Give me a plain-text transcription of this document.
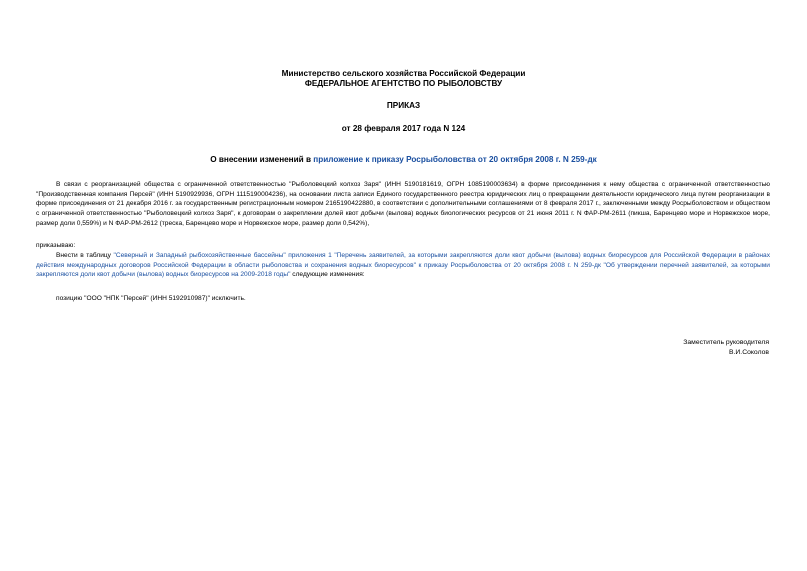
Министерство сельского хозяйства Российской Федерации
ФЕДЕРАЛЬНОЕ АГЕНТСТВО ПО РЫБОЛОВСТВУ
ПРИКАЗ
от 28 февраля 2017 года N 124
О внесении изменений в приложение к приказу Росрыболовства от 20 октября 2008 г. N 259-дк
В связи с реорганизацией общества с ограниченной ответственностью "Рыболовецкий колхоз Заря" (ИНН 5190181619, ОГРН 1085190003634) в форме присоединения к нему общества с ограниченной ответственностью "Производственная компания Персей" (ИНН 5190929936, ОГРН 1115190004236), на основании листа записи Единого государственного реестра юридических лиц о прекращении деятельности юридического лица путем реорганизации в форме присоединения от 21 декабря 2016 г. за государственным регистрационным номером 2165190422880, в соответствии с дополнительными соглашениями от 8 февраля 2017 г., заключенными между Росрыболовством и обществом с ограниченной ответственностью "Рыболовецкий колхоз Заря", к договорам о закреплении долей квот добычи (вылова) водных биологических ресурсов от 21 июня 2011 г. N ФАР-РМ-2611 (пикша, Баренцево море и Норвежское море, размер доли 0,559%) и N ФАР-РМ-2612 (треска, Баренцево море и Норвежское море, размер доли 0,542%),
приказываю:
Внести в таблицу "Северный и Западный рыбохозяйственные бассейны" приложения 1 "Перечень заявителей, за которыми закрепляются доли квот добычи (вылова) водных биоресурсов для Российской Федерации в районах действия международных договоров Российской Федерации в области рыболовства и сохранения водных биоресурсов" к приказу Росрыболовства от 20 октября 2008 г. N 259-дк "Об утверждении перечней заявителей, за которыми закрепляются доли квот добычи (вылова) водных биоресурсов на 2009-2018 годы" следующие изменения:
позицию "ООО "НПК "Персей" (ИНН 5192910987)" исключить.
Заместитель руководителя
В.И.Соколов
